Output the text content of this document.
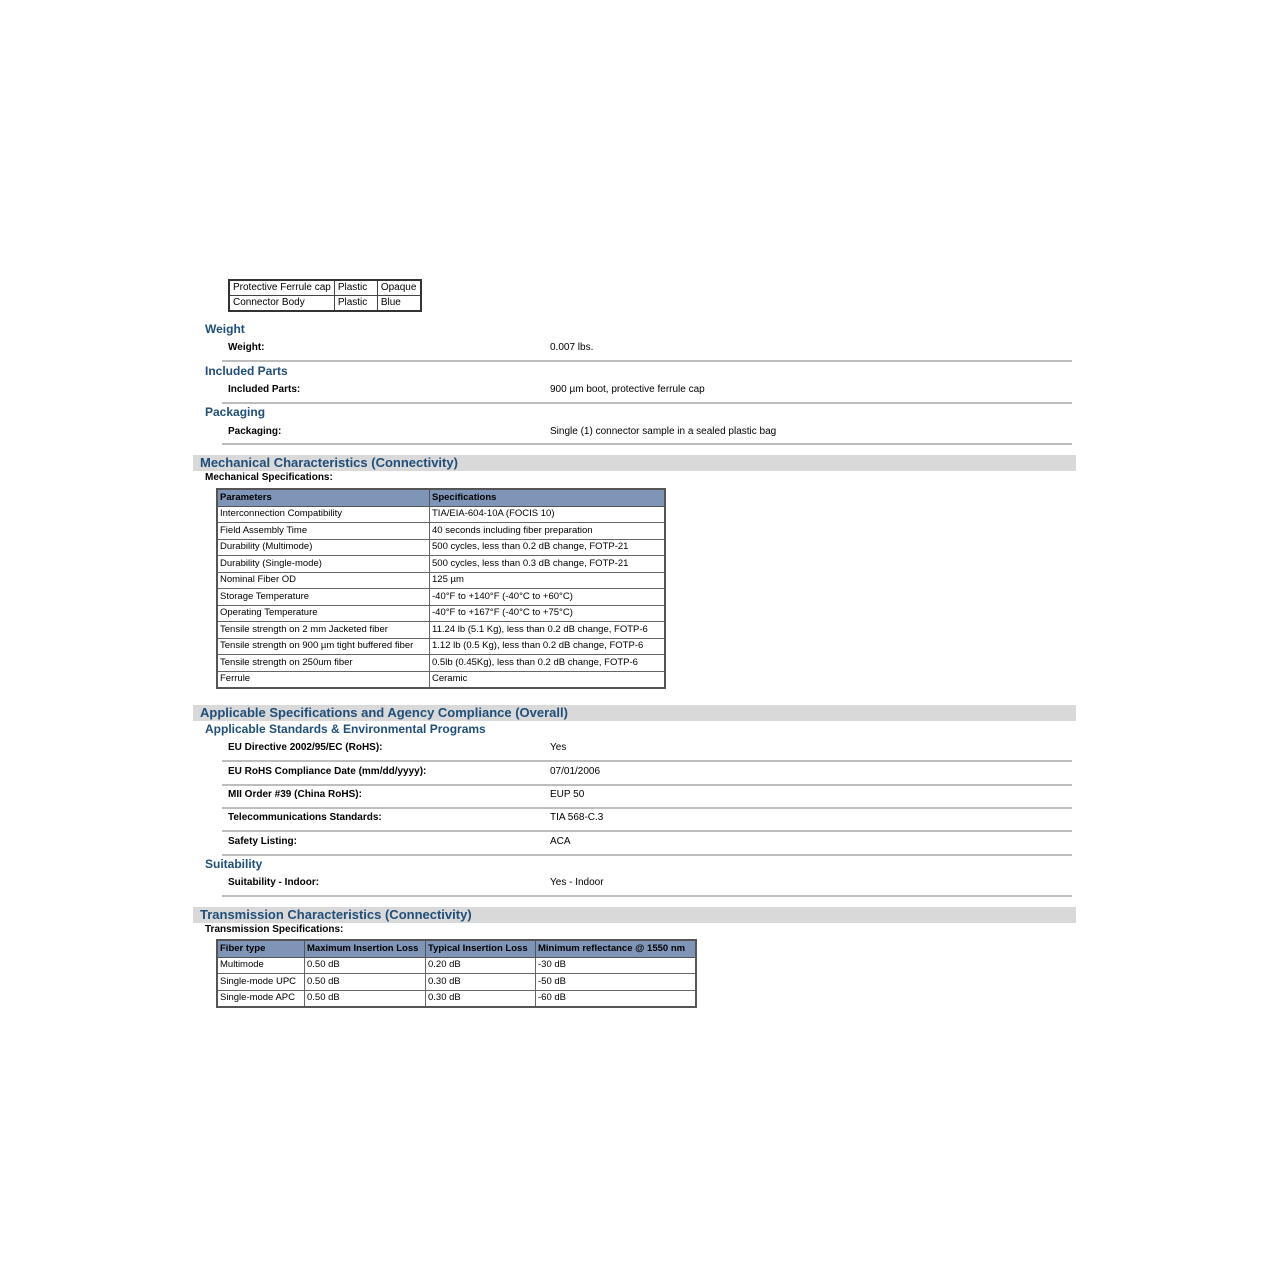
Protective Ferrule cap	Plastic	Opaque
Connector Body	Plastic	Blue
Weight
Weight:	0.007 lbs.
Included Parts
Included Parts:	900 µm boot, protective ferrule cap
Packaging
Packaging:	Single (1) connector sample in a sealed plastic bag
Mechanical Characteristics (Connectivity)
Mechanical Specifications:
Parameters	Specifications
Interconnection Compatibility	TIA/EIA-604-10A (FOCIS 10)
Field Assembly Time	40 seconds including fiber preparation
Durability (Multimode)	500 cycles, less than 0.2 dB change, FOTP-21
Durability (Single-mode)	500 cycles, less than 0.3 dB change, FOTP-21
Nominal Fiber OD	125 µm
Storage Temperature	-40°F to +140°F (-40°C to +60°C)
Operating Temperature	-40°F to +167°F (-40°C to +75°C)
Tensile strength on 2 mm Jacketed fiber	11.24 lb (5.1 Kg), less than 0.2 dB change, FOTP-6
Tensile strength on 900 µm tight buffered fiber	1.12 lb (0.5 Kg), less than 0.2 dB change, FOTP-6
Tensile strength on 250um fiber	0.5lb (0.45Kg), less than 0.2 dB change, FOTP-6
Ferrule	Ceramic
Applicable Specifications and Agency Compliance (Overall)
Applicable Standards & Environmental Programs
EU Directive 2002/95/EC (RoHS):	Yes
EU RoHS Compliance Date (mm/dd/yyyy):	07/01/2006
MII Order #39 (China RoHS):	EUP 50
Telecommunications Standards:	TIA 568-C.3
Safety Listing:	ACA
Suitability
Suitability - Indoor:	Yes - Indoor
Transmission Characteristics (Connectivity)
Transmission Specifications:
Fiber type	Maximum Insertion Loss	Typical Insertion Loss	Minimum reflectance @ 1550 nm
Multimode	0.50 dB	0.20 dB	-30 dB
Single-mode UPC	0.50 dB	0.30 dB	-50 dB
Single-mode APC	0.50 dB	0.30 dB	-60 dB
